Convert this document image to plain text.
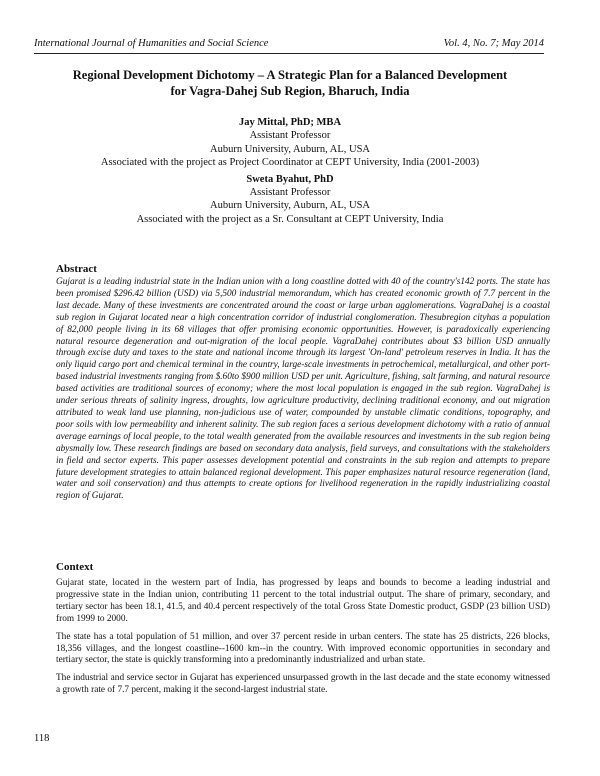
International Journal of Humanities and Social Science	Vol. 4, No. 7; May 2014
Regional Development Dichotomy – A Strategic Plan for a Balanced Development
for Vagra-Dahej Sub Region, Bharuch, India
Jay Mittal, PhD; MBA
Assistant Professor
Auburn University, Auburn, AL, USA
Associated with the project as Project Coordinator at CEPT University, India (2001-2003)
Sweta Byahut, PhD
Assistant Professor
Auburn University, Auburn, AL, USA
Associated with the project as a Sr. Consultant at CEPT University, India
Abstract

Gujarat is a leading industrial state in the Indian union with a long coastline dotted with 40 of the country's142 ports. The state has been promised $296.42 billion (USD) via 5,500 industrial memorandum, which has created economic growth of 7.7 percent in the last decade. Many of these investments are concentrated around the coast or large urban agglomerations. VagraDahej is a coastal sub region in Gujarat located near a high concentration corridor of industrial conglomeration. Thesubregion cityhas a population of 82,000 people living in its 68 villages that offer promising economic opportunities. However, is paradoxically experiencing natural resource degeneration and out-migration of the local people. VagraDahej contributes about $3 billion USD annually through excise duty and taxes to the state and national income through its largest 'On-land' petroleum reserves in India. It has the only liquid cargo port and chemical terminal in the country, large-scale investments in petrochemical, metallurgical, and other port-based industrial investments ranging from $.60to $900 million USD per unit. Agriculture, fishing, salt farming, and natural resource based activities are traditional sources of economy; where the most local population is engaged in the sub region. VagraDahej is under serious threats of salinity ingress, droughts, low agriculture productivity, declining traditional economy, and out migration attributed to weak land use planning, non-judicious use of water, compounded by unstable climatic conditions, topography, and poor soils with low permeability and inherent salinity. The sub region faces a serious development dichotomy with a ratio of annual average earnings of local people, to the total wealth generated from the available resources and investments in the sub region being abysmally low. These research findings are based on secondary data analysis, field surveys, and consultations with the stakeholders in field and sector experts. This paper assesses development potential and constraints in the sub region and attempts to prepare future development strategies to attain balanced regional development. This paper emphasizes natural resource regeneration (land, water and soil conservation) and thus attempts to create options for livelihood regeneration in the rapidly industrializing coastal region of Gujarat.

Context

Gujarat state, located in the western part of India, has progressed by leaps and bounds to become a leading industrial and progressive state in the Indian union, contributing 11 percent to the total industrial output. The share of primary, secondary, and tertiary sector has been 18.1, 41.5, and 40.4 percent respectively of the total Gross State Domestic product, GSDP (23 billion USD) from 1999 to 2000.

The state has a total population of 51 million, and over 37 percent reside in urban centers. The state has 25 districts, 226 blocks, 18,356 villages, and the longest coastline--1600 km--in the country. With improved economic opportunities in secondary and tertiary sector, the state is quickly transforming into a predominantly industrialized and urban state.

The industrial and service sector in Gujarat has experienced unsurpassed growth in the last decade and the state economy witnessed a growth rate of 7.7 percent, making it the second-largest industrial state.

118
